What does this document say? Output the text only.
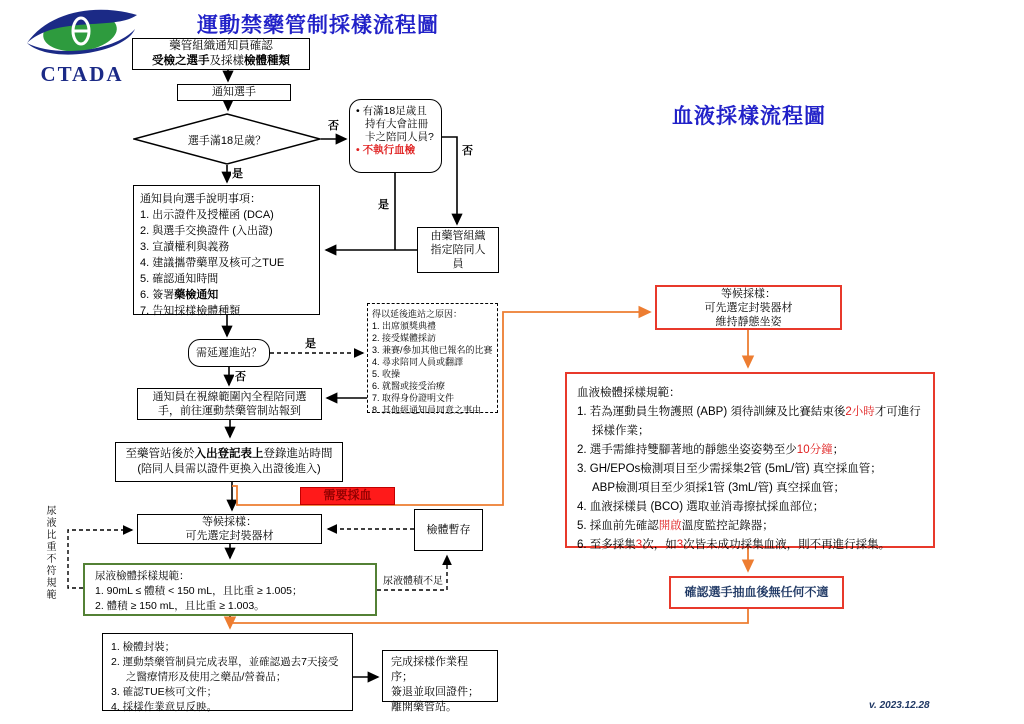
CTADA
運動禁藥管制採樣流程圖
血液採樣流程圖
藥管組織通知員確認
受檢之選手及採樣檢體種類
通知選手
選手滿18足歲？
• 有滿18足歲且持有大會註冊卡之陪同人員?
• 不執行血檢
由藥管組織指定陪同人員
通知員向選手說明事項：
1. 出示證件及授權函 (DCA)
2. 與選手交換證件 (入出證)
3. 宣讀權利與義務
4. 建議攜帶藥單及核可之TUE
5. 確認通知時間
6. 簽署藥檢通知
7. 告知採樣檢體種類
需延遲進站？
得以延後進站之原因：
1. 出席頒獎典禮
2. 接受媒體採訪
3. 兼賽/參加其他已報名的比賽
4. 尋求陪同人員或翻譯
5. 收操
6. 就醫或接受治療
7. 取得身份證明文件
8. 其他經通知員同意之事由
通知員在視線範圍內全程陪同選
手，前往運動禁藥管制站報到
至藥管站後於入出登記表上登錄進站時間
(陪同人員需以證件更換入出證後進入)
需要採血
等候採樣：
可先選定封裝器材
尿液檢體採樣規範：
1. 90mL ≤ 體積 < 150 mL，且比重 ≥ 1.005；
2. 體積 ≥ 150 mL，且比重 ≥ 1.003。
檢體暫存
1. 檢體封裝；
2. 運動禁藥管制員完成表單，並確認過去7天接受之醫療情形及使用之藥品/營養品；
3. 確認TUE核可文件；
4. 採樣作業意見反映。
完成採樣作業程序；
簽退並取回證件；
離開藥管站。
等候採樣：
可先選定封裝器材
維持靜態坐姿
血液檢體採樣規範：
1. 若為運動員生物護照 (ABP) 須待訓練及比賽結束後2小時才可進行採樣作業；
2. 選手需維持雙腳著地的靜態坐姿姿勢至少10分鐘；
3. GH/EPOs檢測項目至少需採集2管 (5mL/管) 真空採血管；
ABP檢測項目至少須採1管 (3mL/管) 真空採血管；
4. 血液採樣員 (BCO) 選取並消毒擦拭採血部位；
5. 採血前先確認開啟溫度監控記錄器；
6. 至多採集3次，如3次皆未成功採集血液，則不再進行採集。
確認選手抽血後無任何不適
否
否
是
是
是
否
尿液體積不足
尿液比重不符規範
v. 2023.12.28
